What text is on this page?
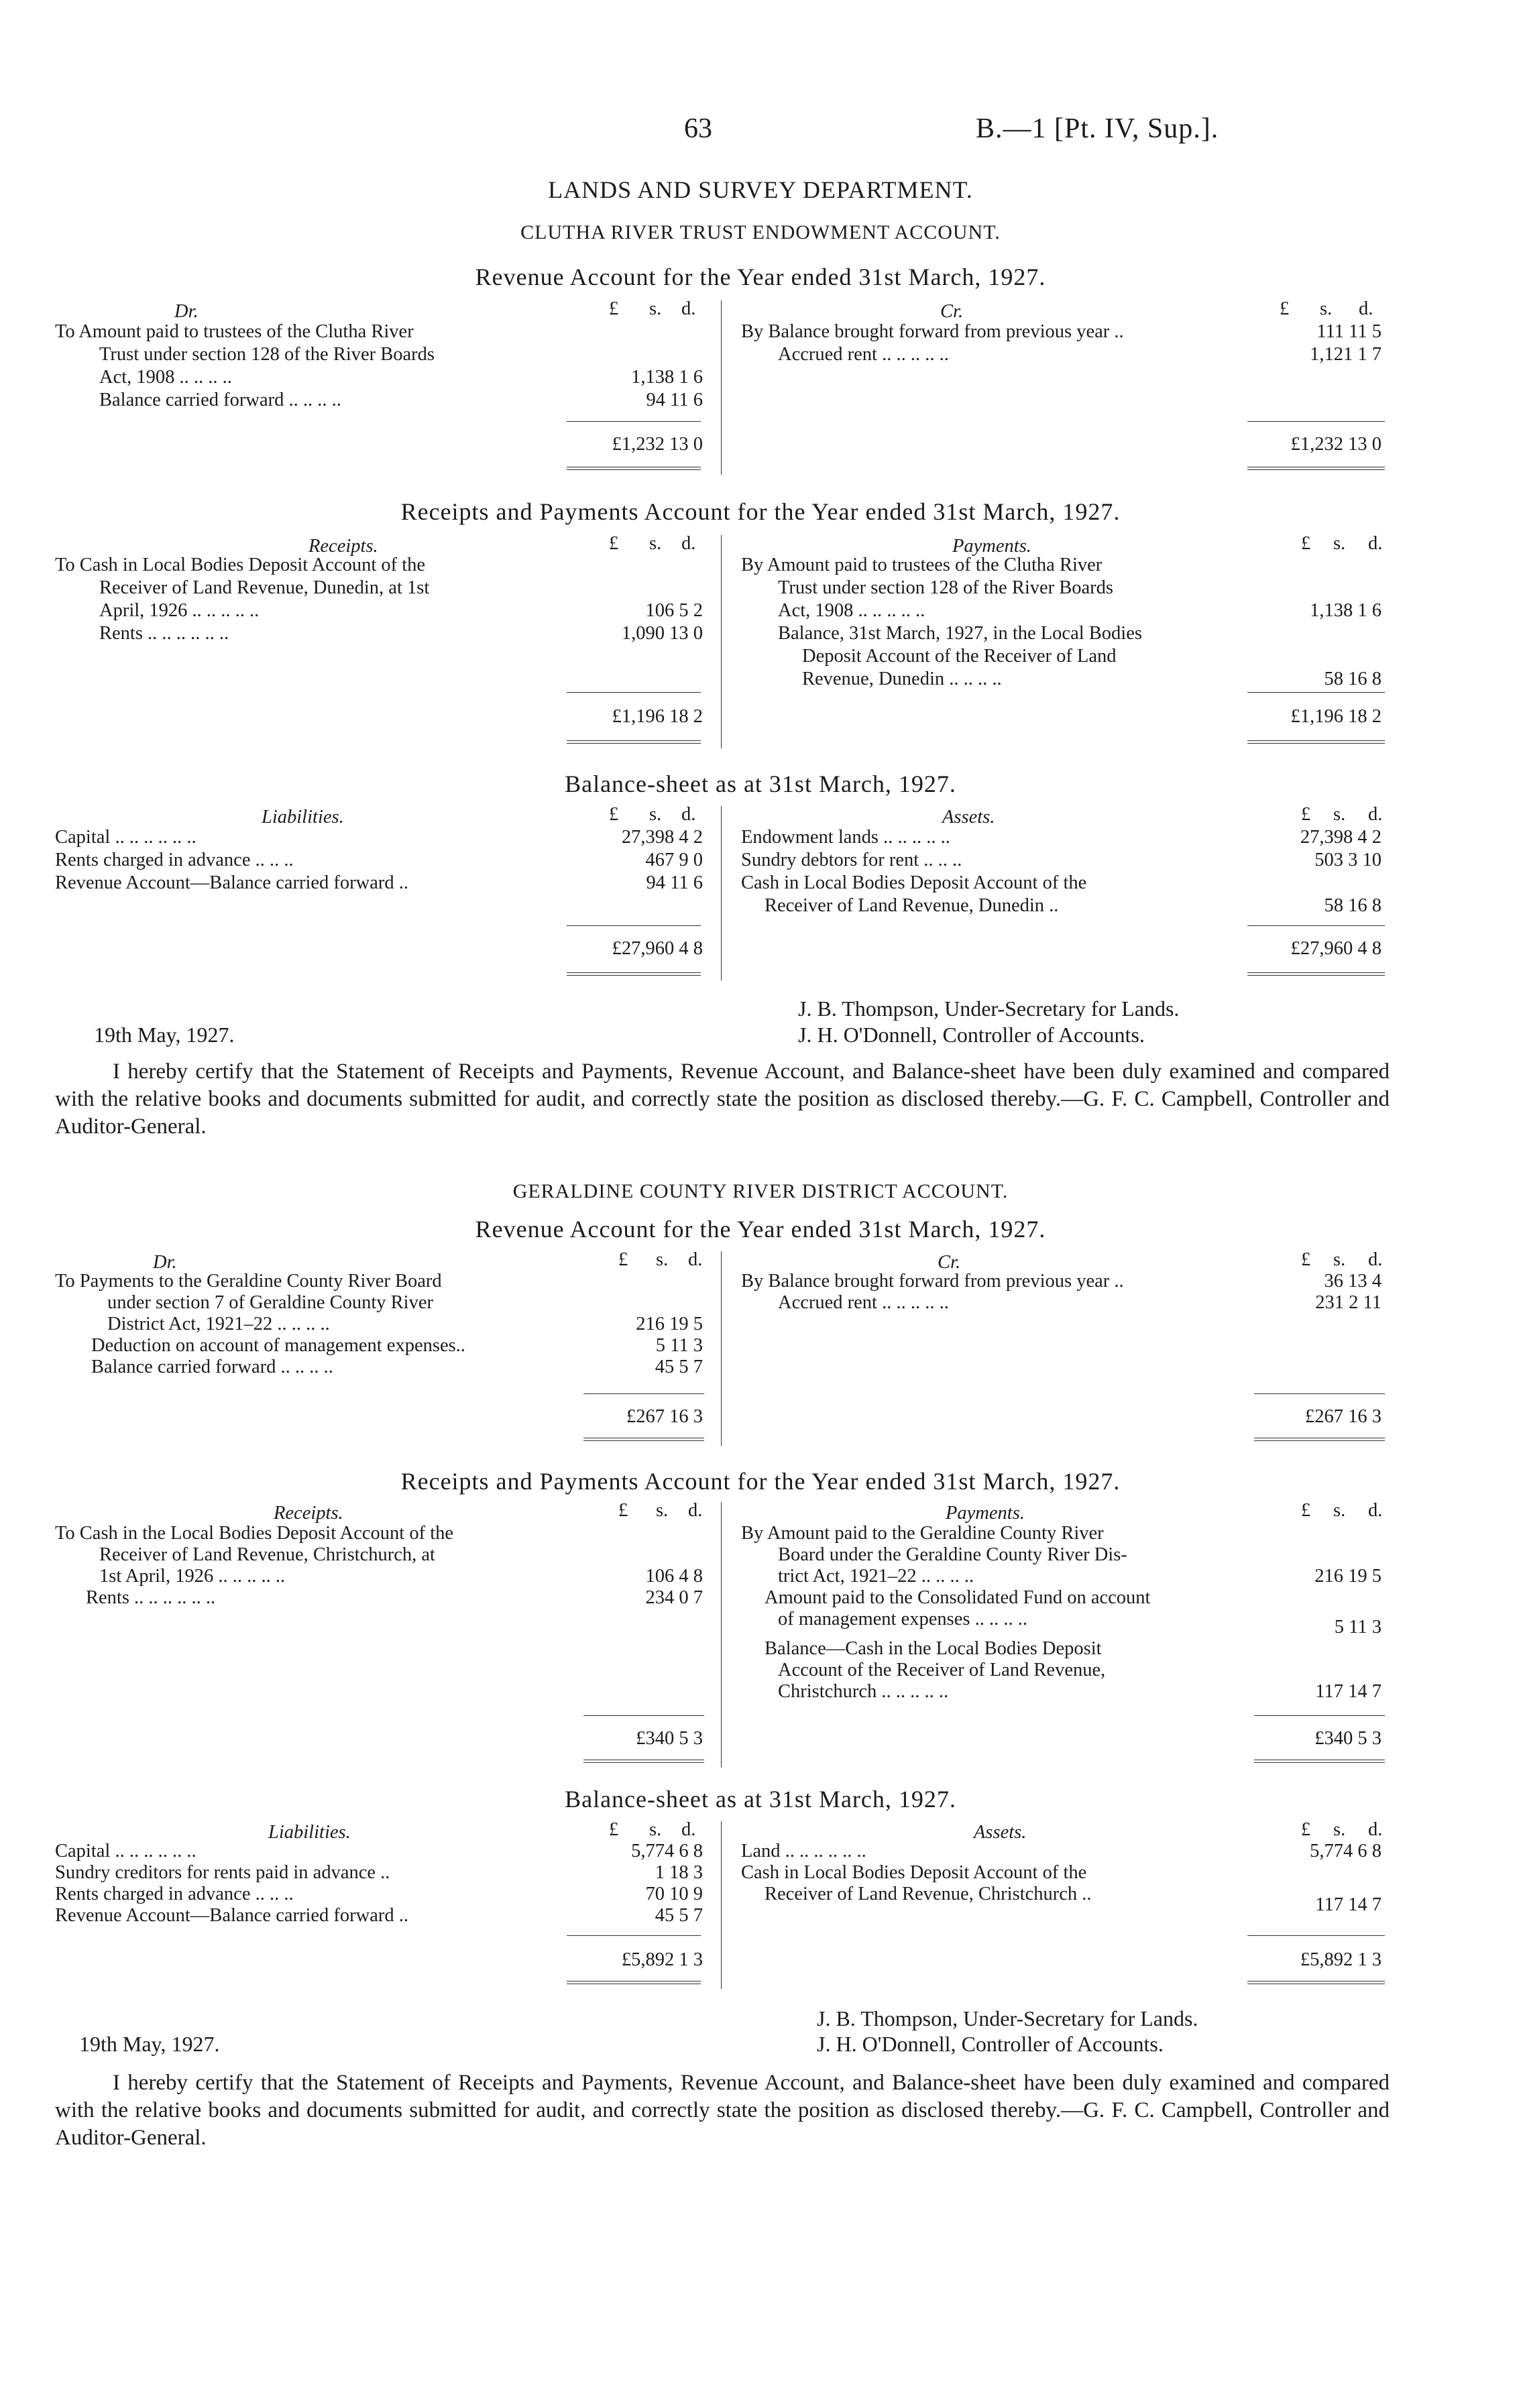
63	B.—1 [Pt. IV, Sup.].
LANDS AND SURVEY DEPARTMENT.
CLUTHA RIVER TRUST ENDOWMENT ACCOUNT.
Revenue Account for the Year ended 31st March, 1927.
Dr.	£ s. d.	Cr.	£ s. d.
To Amount paid to trustees of the Clutha River
Trust under section 128 of the River Boards
Act, 1908 .. .. .. ..	1,138 1 6
Balance carried forward .. .. .. ..	94 11 6
£1,232 13 0
By Balance brought forward from previous year ..	111 11 5
Accrued rent .. .. .. .. ..	1,121 1 7
£1,232 13 0
Receipts and Payments Account for the Year ended 31st March, 1927.
Receipts.	£ s. d.	Payments.	£ s. d.
To Cash in Local Bodies Deposit Account of the
Receiver of Land Revenue, Dunedin, at 1st
April, 1926 .. .. .. .. ..	106 5 2
Rents .. .. .. .. .. ..	1,090 13 0
£1,196 18 2
By Amount paid to trustees of the Clutha River
Trust under section 128 of the River Boards
Act, 1908 .. .. .. .. ..	1,138 1 6
Balance, 31st March, 1927, in the Local Bodies
Deposit Account of the Receiver of Land
Revenue, Dunedin .. .. .. ..	58 16 8
£1,196 18 2
Balance-sheet as at 31st March, 1927.
Liabilities.	£ s. d.	Assets.	£ s. d.
Capital .. .. .. .. .. ..	27,398 4 2
Rents charged in advance .. .. ..	467 9 0
Revenue Account—Balance carried forward ..	94 11 6
£27,960 4 8
Endowment lands .. .. .. .. ..	27,398 4 2
Sundry debtors for rent .. .. ..	503 3 10
Cash in Local Bodies Deposit Account of the
Receiver of Land Revenue, Dunedin ..	58 16 8
£27,960 4 8
J. B. Thompson, Under-Secretary for Lands.
19th May, 1927.	J. H. O'Donnell, Controller of Accounts.
I hereby certify that the Statement of Receipts and Payments, Revenue Account, and Balance-sheet have been duly examined and compared with the relative books and documents submitted for audit, and correctly state the position as disclosed thereby.—G. F. C. Campbell, Controller and Auditor-General.
GERALDINE COUNTY RIVER DISTRICT ACCOUNT.
Revenue Account for the Year ended 31st March, 1927.
Dr.	£ s. d.	Cr.	£ s. d.
To Payments to the Geraldine County River Board
under section 7 of Geraldine County River
District Act, 1921–22 .. .. .. ..	216 19 5
Deduction on account of management expenses..	5 11 3
Balance carried forward .. .. .. ..	45 5 7
£267 16 3
By Balance brought forward from previous year ..	36 13 4
Accrued rent .. .. .. .. ..	231 2 11
£267 16 3
Receipts and Payments Account for the Year ended 31st March, 1927.
Receipts.	£ s. d.	Payments.	£ s. d.
To Cash in the Local Bodies Deposit Account of the
Receiver of Land Revenue, Christchurch, at
1st April, 1926 .. .. .. .. ..	106 4 8
Rents .. .. .. .. .. ..	234 0 7
£340 5 3
By Amount paid to the Geraldine County River
Board under the Geraldine County River Dis-
trict Act, 1921–22 .. .. .. ..	216 19 5
Amount paid to the Consolidated Fund on account
of management expenses .. .. .. ..	5 11 3
Balance—Cash in the Local Bodies Deposit
Account of the Receiver of Land Revenue,
Christchurch .. .. .. .. ..	117 14 7
£340 5 3
Balance-sheet as at 31st March, 1927.
Liabilities.	£ s. d.	Assets.	£ s. d.
Capital .. .. .. .. .. ..	5,774 6 8
Sundry creditors for rents paid in advance ..	1 18 3
Rents charged in advance .. .. ..	70 10 9
Revenue Account—Balance carried forward ..	45 5 7
£5,892 1 3
Land .. .. .. .. .. ..	5,774 6 8
Cash in Local Bodies Deposit Account of the
Receiver of Land Revenue, Christchurch ..
117 14 7
£5,892 1 3
J. B. Thompson, Under-Secretary for Lands.
19th May, 1927.	J. H. O'Donnell, Controller of Accounts.
I hereby certify that the Statement of Receipts and Payments, Revenue Account, and Balance-sheet have been duly examined and compared with the relative books and documents submitted for audit, and correctly state the position as disclosed thereby.—G. F. C. Campbell, Controller and Auditor-General.
